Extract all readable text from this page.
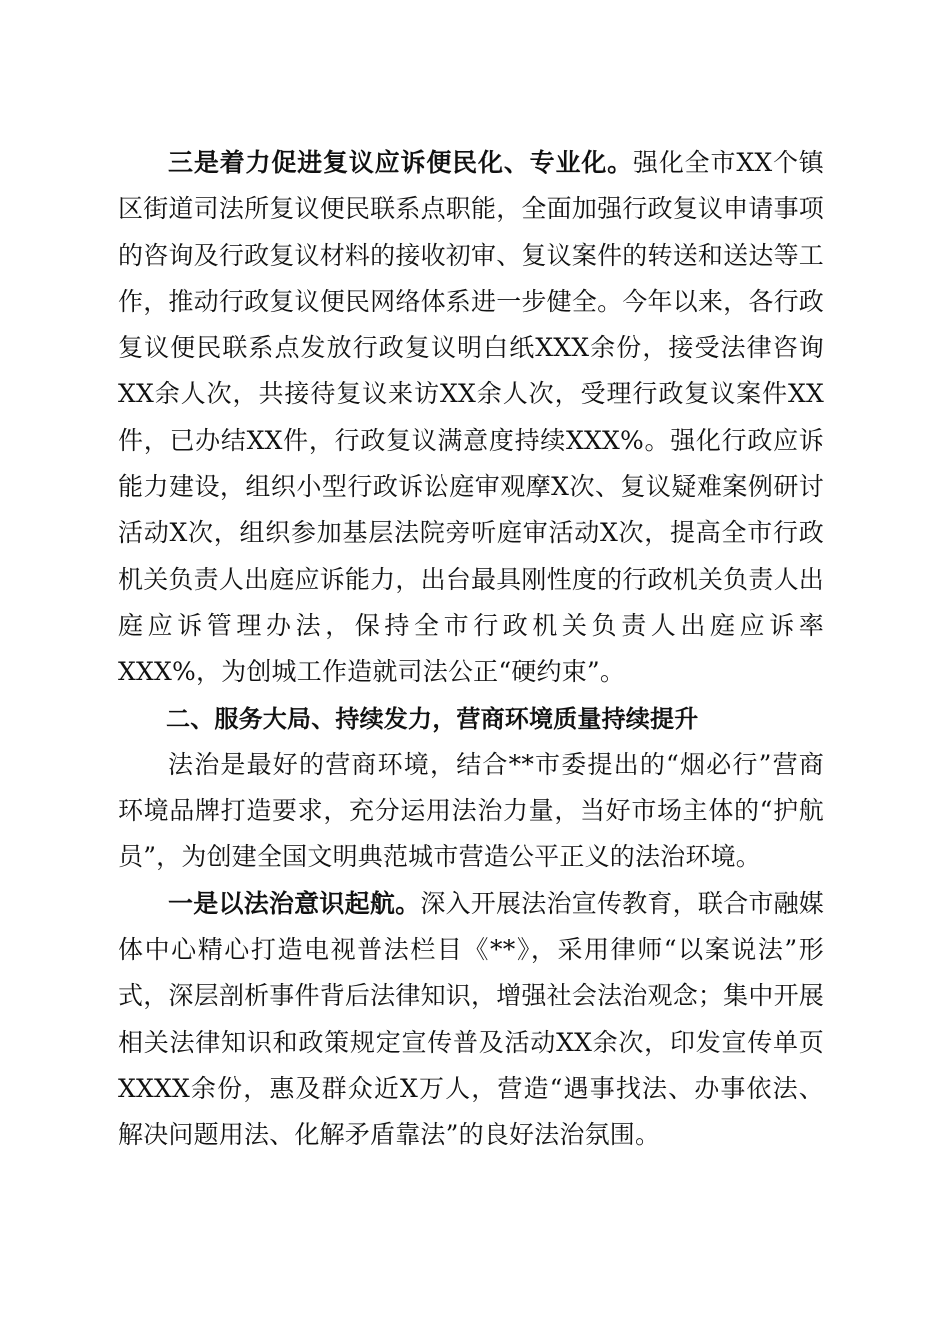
三是着力促进复议应诉便民化、专业化。强化全市XX个镇区街道司法所复议便民联系点职能，全面加强行政复议申请事项的咨询及行政复议材料的接收初审、复议案件的转送和送达等工作，推动行政复议便民网络体系进一步健全。今年以来，各行政复议便民联系点发放行政复议明白纸XXX余份，接受法律咨询XX余人次，共接待复议来访XX余人次，受理行政复议案件XX件，已办结XX件，行政复议满意度持续XXX%。强化行政应诉能力建设，组织小型行政诉讼庭审观摩X次、复议疑难案例研讨活动X次，组织参加基层法院旁听庭审活动X次，提高全市行政机关负责人出庭应诉能力，出台最具刚性度的行政机关负责人出庭应诉管理办法，保持全市行政机关负责人出庭应诉率XXX%，为创城工作造就司法公正“硬约束”。

二、服务大局、持续发力，营商环境质量持续提升

法治是最好的营商环境，结合**市委提出的“烟必行”营商环境品牌打造要求，充分运用法治力量，当好市场主体的“护航员”，为创建全国文明典范城市营造公平正义的法治环境。

一是以法治意识起航。深入开展法治宣传教育，联合市融媒体中心精心打造电视普法栏目《**》，采用律师“以案说法”形式，深层剖析事件背后法律知识，增强社会法治观念；集中开展相关法律知识和政策规定宣传普及活动XX余次，印发宣传单页XXXX余份，惠及群众近X万人，营造“遇事找法、办事依法、解决问题用法、化解矛盾靠法”的良好法治氛围。
